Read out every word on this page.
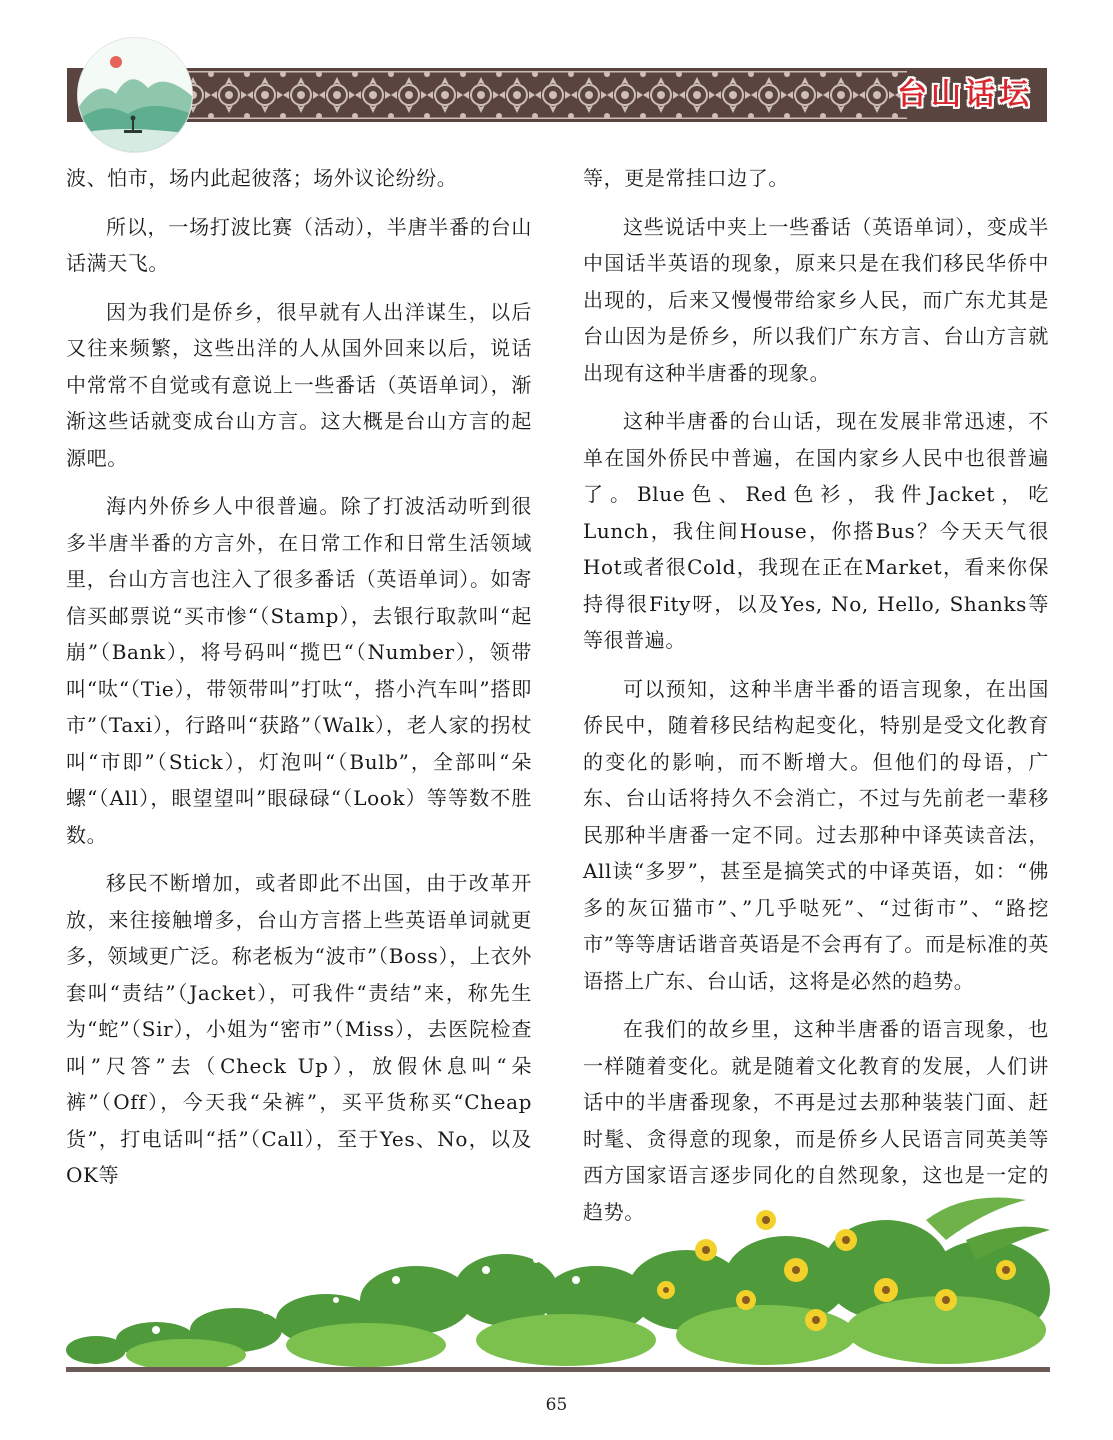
台山话坛

波、怕市，场内此起彼落；场外议论纷纷。

所以，一场打波比赛（活动），半唐半番的台山话满天飞。

因为我们是侨乡，很早就有人出洋谋生，以后又往来频繁，这些出洋的人从国外回来以后，说话中常常不自觉或有意说上一些番话（英语单词），渐渐这些话就变成台山方言。这大概是台山方言的起源吧。

海内外侨乡人中很普遍。除了打波活动听到很多半唐半番的方言外，在日常工作和日常生活领域里，台山方言也注入了很多番话（英语单词）。如寄信买邮票说“买市惨“（Stamp），去银行取款叫“起崩”（Bank），将号码叫“揽巴“（Number），领带叫“呔“（Tie），带领带叫”打呔“，搭小汽车叫”搭即市”（Taxi），行路叫“获路”（Walk），老人家的拐杖叫“市即”（Stick），灯泡叫“（Bulb”，全部叫“朵螺“（All），眼望望叫”眼碌碌“（Look）等等数不胜数。

移民不断增加，或者即此不出国，由于改革开放，来往接触增多，台山方言搭上些英语单词就更多，领域更广泛。称老板为“波市”（Boss），上衣外套叫“责结”（Jacket），可我件“责结”来，称先生为“蛇”（Sir），小姐为“密市”（Miss），去医院检查叫”尺答”去（Check Up），放假休息叫“朵裤”（Off），今天我“朵裤”，买平货称买“Cheap货”，打电话叫“括”（Call），至于Yes、No，以及OK等

等，更是常挂口边了。

这些说话中夹上一些番话（英语单词），变成半中国话半英语的现象，原来只是在我们移民华侨中出现的，后来又慢慢带给家乡人民，而广东尤其是台山因为是侨乡，所以我们广东方言、台山方言就出现有这种半唐番的现象。

这种半唐番的台山话，现在发展非常迅速，不单在国外侨民中普遍，在国内家乡人民中也很普遍了。Blue色、Red色衫，我件Jacket，吃Lunch，我住间House，你搭Bus？今天天气很Hot或者很Cold，我现在正在Market，看来你保持得很Fity呀，以及Yes, No, Hello, Shanks等等很普遍。

可以预知，这种半唐半番的语言现象，在出国侨民中，随着移民结构起变化，特别是受文化教育的变化的影响，而不断增大。但他们的母语，广东、台山话将持久不会消亡，不过与先前老一辈移民那种半唐番一定不同。过去那种中译英读音法，All读“多罗”，甚至是搞笑式的中译英语，如：“佛多的灰冚猫市”、”几乎哒死”、“过街市”、“路挖市”等等唐话谐音英语是不会再有了。而是标准的英语搭上广东、台山话，这将是必然的趋势。

在我们的故乡里，这种半唐番的语言现象，也一样随着变化。就是随着文化教育的发展，人们讲话中的半唐番现象，不再是过去那种装装门面、赶时髦、贪得意的现象，而是侨乡人民语言同英美等西方国家语言逐步同化的自然现象，这也是一定的趋势。

65
